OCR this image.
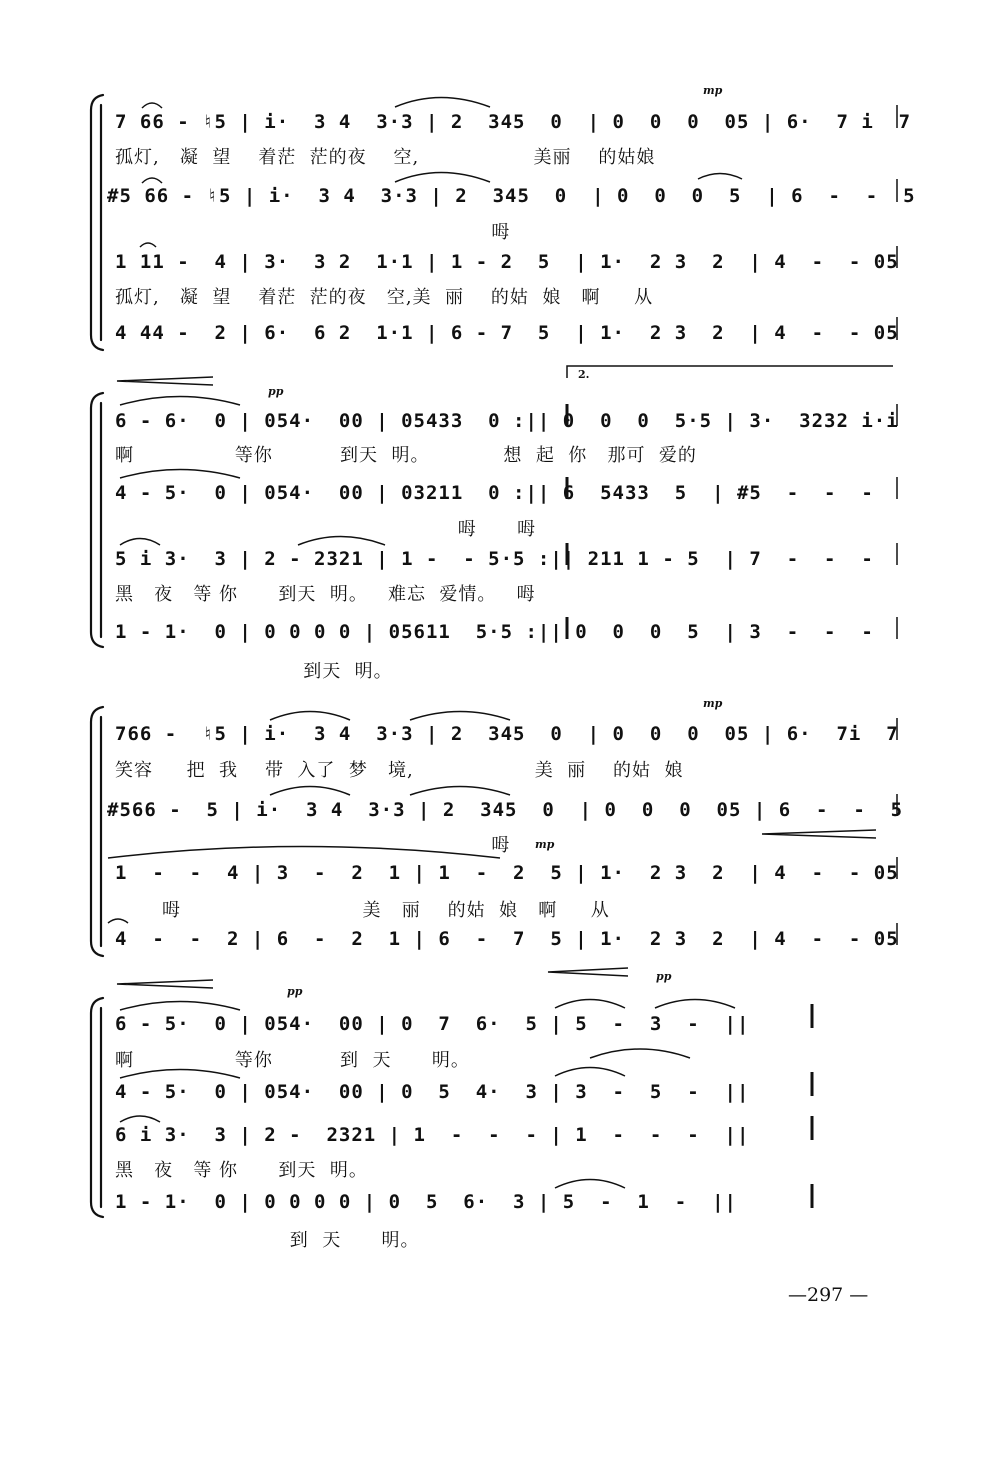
mp
7 66 - ♮5 | i·  3 4  3·3 | 2  345  0  | 0  0  0  05 | 6·  7 i  7
孤灯,   凝  望    着茫  茫的夜    空,                 美丽    的姑娘
#5 66 - ♮5 | i·  3 4  3·3 | 2  345  0  | 0  0  0  5  | 6  -  -  5
呣
1 11 -  4 | 3·  3 2  1·1 | 1 - 2  5  | 1·  2 3  2  | 4  -  - 05
孤灯,   凝  望    着茫  茫的夜   空,美  丽    的姑  娘   啊     从
4 44 -  2 | 6·  6 2  1·1 | 6 - 7  5  | 1·  2 3  2  | 4  -  - 05
pp
2.
6 - 6·  0 | 054·  00 | 05433  0 :|| 0  0  0  5·5 | 3·  3232 i·i
啊               等你          到天  明。           想  起  你   那可  爱的
4 - 5·  0 | 054·  00 | 03211  0 :|| 6  5433  5  | #5  -  -  -
呣      呣
5 i 3·  3 | 2 - 2321 | 1 -  - 5·5 :|| 211 1 - 5  | 7  -  -  -
黑   夜   等 你      到天  明。   难忘  爱情。   呣
1 - 1·  0 | 0 0 0 0 | 05611  5·5 :|| 0  0  0  5  | 3  -  -  -
到天  明。
mp
mp
766 -  ♮5 | i·  3 4  3·3 | 2  345  0  | 0  0  0  05 | 6·  7i  7
笑容     把  我    带  入了  梦   境,                  美  丽    的姑  娘
#566 -  5 | i·  3 4  3·3 | 2  345  0  | 0  0  0  05 | 6  -  -  5
呣
1  -  -  4 | 3  -  2  1 | 1  -  2  5 | 1·  2 3  2  | 4  -  - 05
呣                           美   丽    的姑  娘   啊     从
4  -  -  2 | 6  -  2  1 | 6  -  7  5 | 1·  2 3  2  | 4  -  - 05
pp
pp
6 - 5·  0 | 054·  00 | 0  7  6·  5 | 5  -  3  -  ||
啊               等你          到  天      明。
4 - 5·  0 | 054·  00 | 0  5  4·  3 | 3  -  5  -  ||
6 i 3·  3 | 2 -  2321 | 1  -  -  - | 1  -  -  -  ||
黑   夜   等 你      到天  明。
1 - 1·  0 | 0 0 0 0 | 0  5  6·  3 | 5  -  1  -  ||
到  天      明。
—297 —
